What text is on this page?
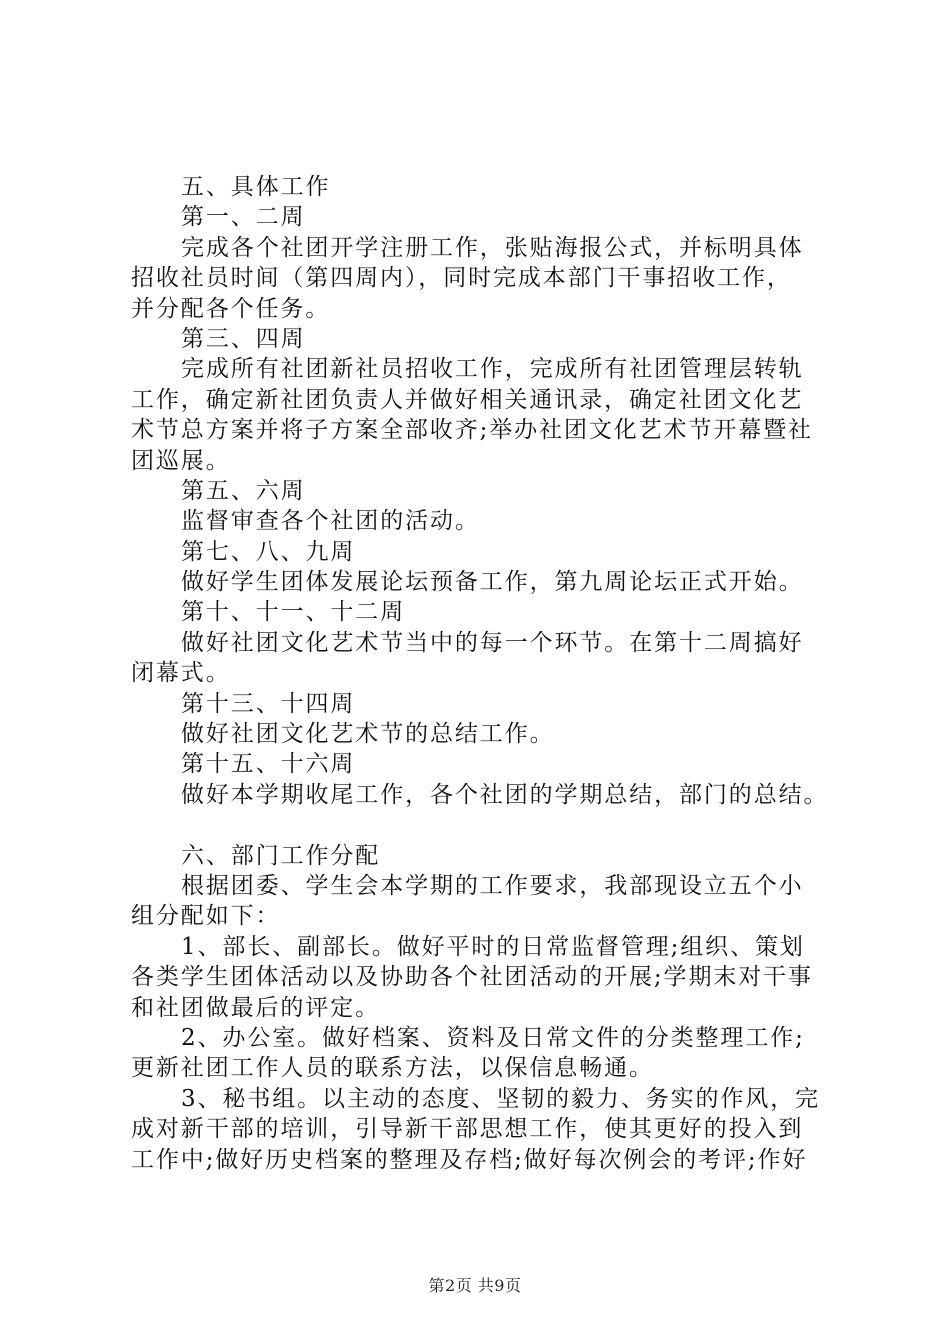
五、具体工作
第一、二周
完成各个社团开学注册工作，张贴海报公式，并标明具体
招收社员时间（第四周内），同时完成本部门干事招收工作，
并分配各个任务。
第三、四周
完成所有社团新社员招收工作，完成所有社团管理层转轨
工作，确定新社团负责人并做好相关通讯录，确定社团文化艺
术节总方案并将子方案全部收齐;举办社团文化艺术节开幕暨社
团巡展。
第五、六周
监督审查各个社团的活动。
第七、八、九周
做好学生团体发展论坛预备工作，第九周论坛正式开始。
第十、十一、十二周
做好社团文化艺术节当中的每一个环节。在第十二周搞好
闭幕式。
第十三、十四周
做好社团文化艺术节的总结工作。
第十五、十六周
做好本学期收尾工作，各个社团的学期总结，部门的总结。
六、部门工作分配
根据团委、学生会本学期的工作要求，我部现设立五个小
组分配如下：
1、部长、副部长。做好平时的日常监督管理;组织、策划
各类学生团体活动以及协助各个社团活动的开展;学期末对干事
和社团做最后的评定。
2、办公室。做好档案、资料及日常文件的分类整理工作;
更新社团工作人员的联系方法，以保信息畅通。
3、秘书组。以主动的态度、坚韧的毅力、务实的作风，完
成对新干部的培训，引导新干部思想工作，使其更好的投入到
工作中;做好历史档案的整理及存档;做好每次例会的考评;作好
第2页 共9页
